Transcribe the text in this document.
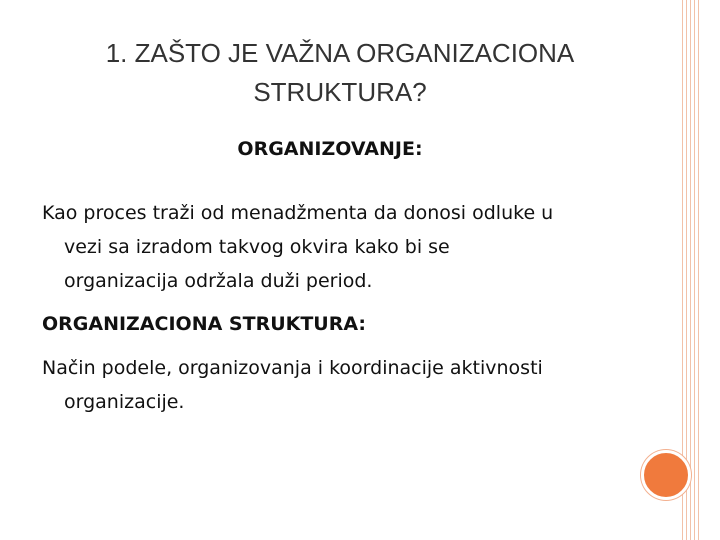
1. ZAŠTO JE VAŽNA ORGANIZACIONA
STRUKTURA?
ORGANIZOVANJE:
Kao proces traži od menadžmenta da donosi odluke u
vezi sa izradom takvog okvira kako bi se
organizacija održala duži period.
ORGANIZACIONA STRUKTURA:
Način podele, organizovanja i koordinacije aktivnosti
organizacije.
